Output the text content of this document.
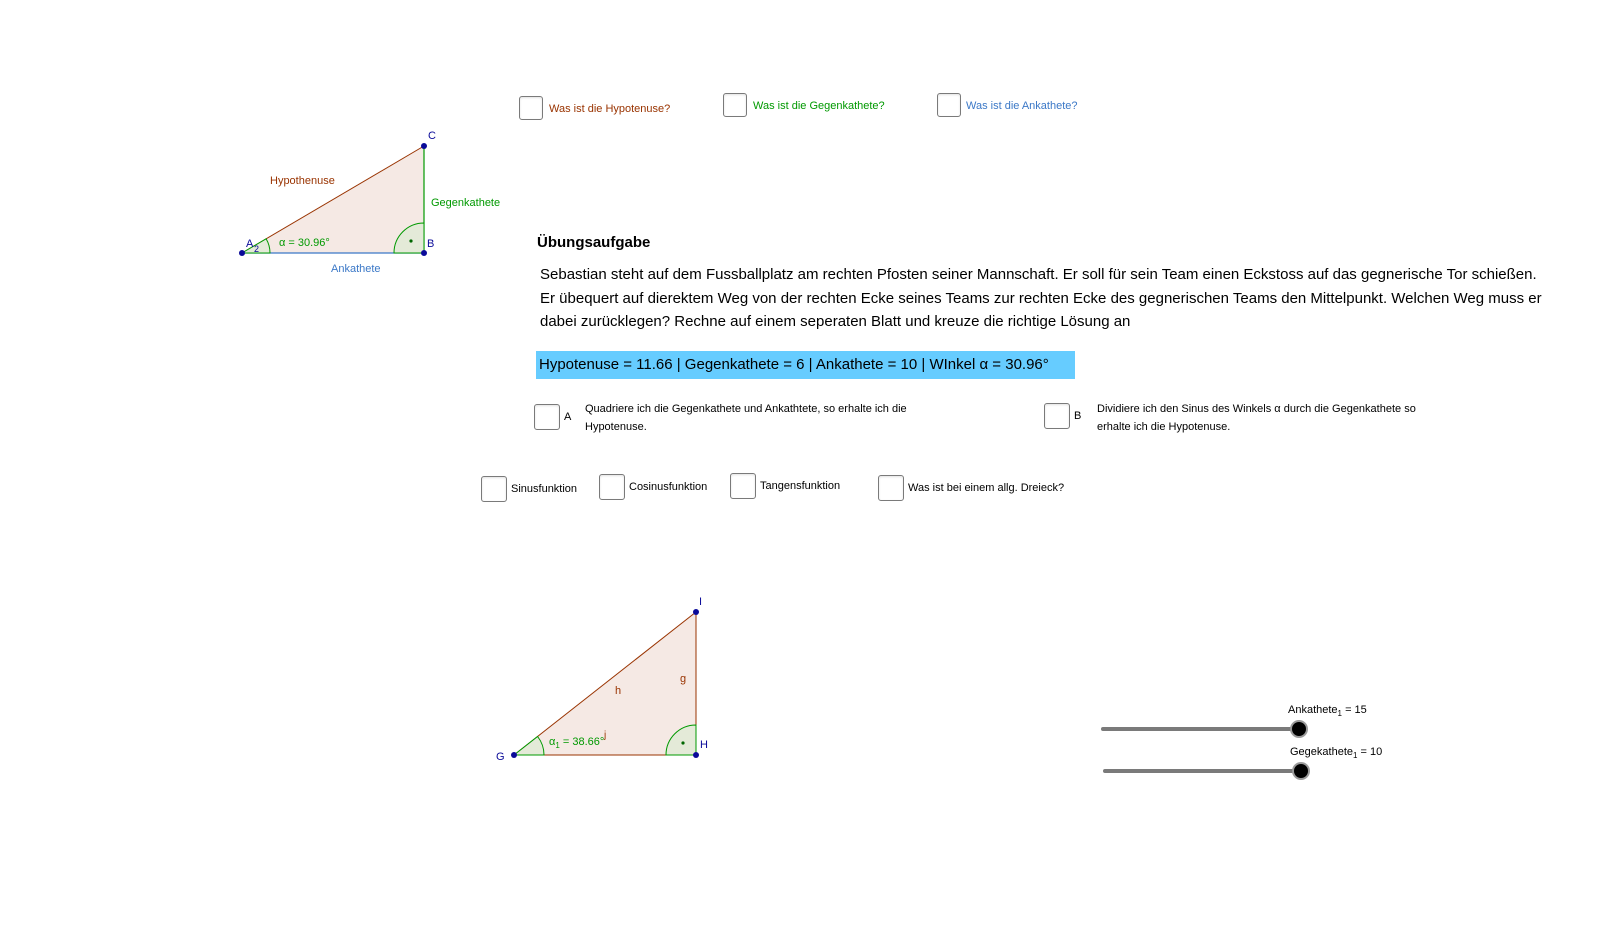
Was ist die Hypotenuse?	Was ist die Gegenkathete?	Was ist die Ankathete?
C
B
A 2
Hypothenuse
Gegenkathete
Ankathete
α = 30.96°	Übungsaufgabe
Sebastian steht auf dem Fussballplatz am rechten Pfosten seiner Mannschaft. Er soll für sein Team einen Eckstoss auf das gegnerische Tor schießen. Er übequert auf dierektem Weg von der rechten Ecke seines Teams zur rechten Ecke des gegnerischen Teams den Mittelpunkt. Welchen Weg muss er dabei zurücklegen? Rechne auf einem seperaten Blatt und kreuze die richtige Lösung an
Hypotenuse = 11.66 | Gegenkathete = 6 | Ankathete = 10 | WInkel α = 30.96°
A
Quadriere ich die Gegenkathete und Ankathtete, so erhalte ich die Hypotenuse.
B
Dividiere ich den Sinus des Winkels α durch die Gegenkathete so erhalte ich die Hypotenuse.
Sinusfunktion	Cosinusfunktion	Tangensfunktion	Was ist bei einem allg. Dreieck?
I
H
G
h
g
j
$\alpha_1 = 38.66^\circ$
Ankathete$_1$ = 15
Gegekathete$_1$ = 10
